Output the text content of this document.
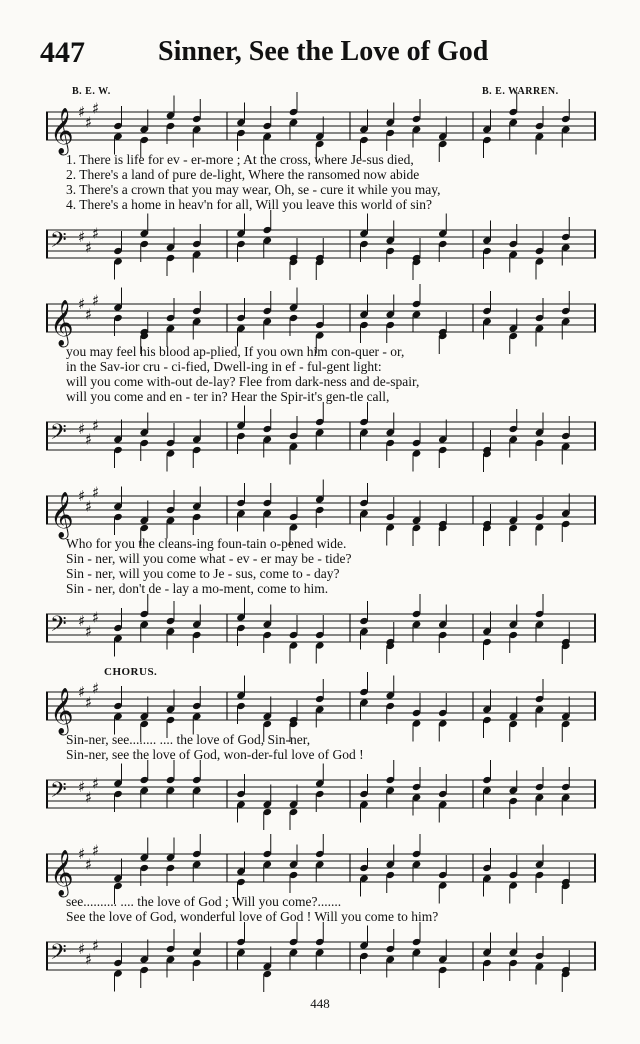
447	Sinner, See the Love of God
B. E. W.	B. E. WARREN.
CHORUS.
𝄞 ♯
♯
♯
1. There is life for ev - er-more ; At the cross, where Je-sus died,
2. There's a land of pure de-light, Where the ransomed now abide
3. There's a crown that you may wear, Oh, se - cure it while you may,
4. There's a home in heav'n for all, Will you leave this world of sin?
𝄢 ♯
♯
♯
𝄞 ♯
♯
♯
you may feel his blood ap-plied, If you own him con-quer - or,
in the Sav-ior cru - ci-fied, Dwell-ing in ef - ful-gent light:
will you come with-out de-lay? Flee from dark-ness and de-spair,
will you come and en - ter in? Hear the Spir-it's gen-tle call,
𝄢 ♯
♯
♯
𝄞 ♯
♯
♯
Who for you the cleans-ing foun-tain o-pened wide.
Sin - ner, will you come what - ev - er may be - tide?
Sin - ner, will you come to Je - sus, come to - day?
Sin - ner, don't de - lay a mo-ment, come to him.
𝄢 ♯
♯
♯
𝄞 ♯
♯
♯
Sin-ner, see........ .... the love of God, Sin-ner,
Sin-ner, see the love of God, won-der-ful love of God !
𝄢 ♯
♯
♯
𝄞 ♯
♯
♯
see.......... .... the love of God ; Will you come?.......
See the love of God, wonderful love of God ! Will you come to him?
𝄢 ♯
♯
♯
448
